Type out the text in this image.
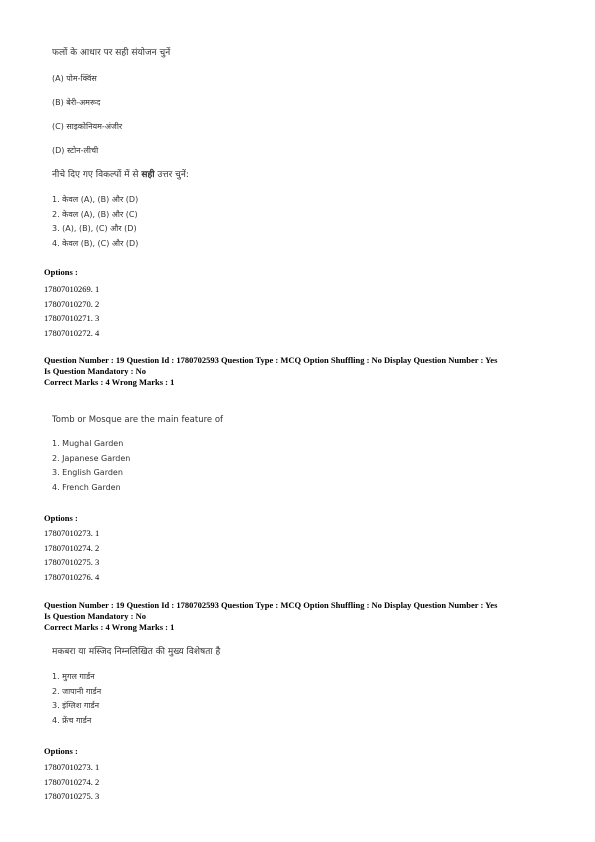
फलों के आधार पर सही संयोजन चुनें

(A) पोम-क्विंस

(B) बेरी-अमरूद

(C) साइकोनियम-अंजीर

(D) स्टोन-लीची

नीचे दिए गए विकल्पों में से सही उत्तर चुनें:

1. केवल (A), (B) और (D)
2. केवल (A), (B) और (C)
3. (A), (B), (C) और (D)
4. केवल (B), (C) और (D)
Options :
17807010269. 1
17807010270. 2
17807010271. 3
17807010272. 4

Question Number : 19 Question Id : 1780702593 Question Type : MCQ Option Shuffling : No Display Question Number : Yes

Is Question Mandatory : No

Correct Marks : 4 Wrong Marks : 1

Tomb or Mosque are the main feature of

1. Mughal Garden
2. Japanese Garden
3. English Garden
4. French Garden
Options :
17807010273. 1
17807010274. 2
17807010275. 3
17807010276. 4

Question Number : 19 Question Id : 1780702593 Question Type : MCQ Option Shuffling : No Display Question Number : Yes

Is Question Mandatory : No

Correct Marks : 4 Wrong Marks : 1

मकबरा या मस्जिद निम्नलिखित की मुख्य विशेषता है

1. मुगल गार्डन
2. जापानी गार्डन
3. इंग्लिश गार्डन
4. फ्रेंच गार्डन
Options :
17807010273. 1
17807010274. 2
17807010275. 3
